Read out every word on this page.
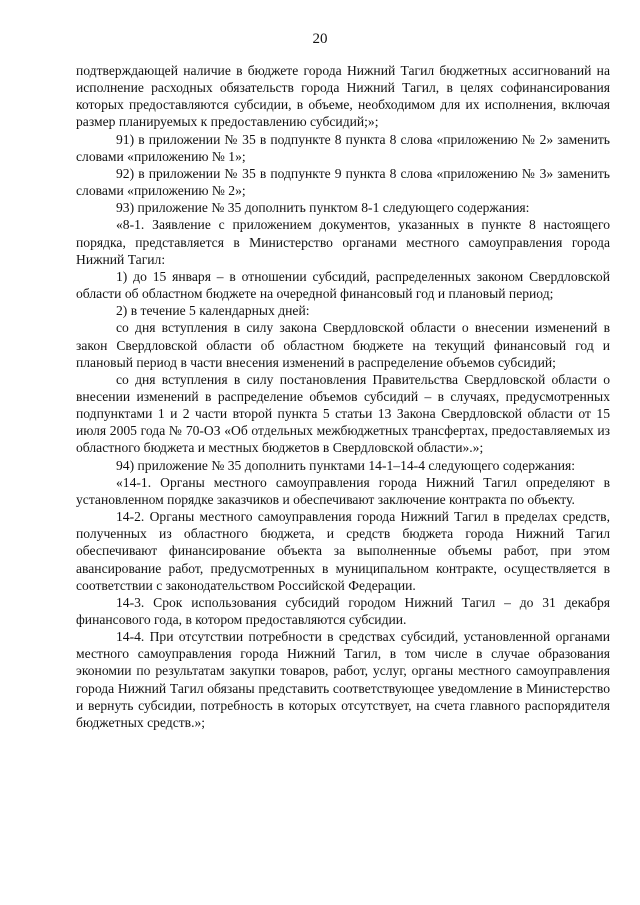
20

подтверждающей наличие в бюджете города Нижний Тагил бюджетных ассигнований на исполнение расходных обязательств города Нижний Тагил, в целях софинансирования которых предоставляются субсидии, в объеме, необходимом для их исполнения, включая размер планируемых к предоставлению субсидий;»;

91) в приложении № 35 в подпункте 8 пункта 8 слова «приложению № 2» заменить словами «приложению № 1»;

92) в приложении № 35 в подпункте 9 пункта 8 слова «приложению № 3» заменить словами «приложению № 2»;

93) приложение № 35 дополнить пунктом 8-1 следующего содержания:

«8-1. Заявление с приложением документов, указанных в пункте 8 настоящего порядка, представляется в Министерство органами местного самоуправления города Нижний Тагил:

1) до 15 января – в отношении субсидий, распределенных законом Свердловской области об областном бюджете на очередной финансовый год и плановый период;

2) в течение 5 календарных дней:

со дня вступления в силу закона Свердловской области о внесении изменений в закон Свердловской области об областном бюджете на текущий финансовый год и плановый период в части внесения изменений в распределение объемов субсидий;

со дня вступления в силу постановления Правительства Свердловской области о внесении изменений в распределение объемов субсидий – в случаях, предусмотренных подпунктами 1 и 2 части второй пункта 5 статьи 13 Закона Свердловской области от 15 июля 2005 года № 70-ОЗ «Об отдельных межбюджетных трансфертах, предоставляемых из областного бюджета и местных бюджетов в Свердловской области».»;

94) приложение № 35 дополнить пунктами 14-1–14-4 следующего содержания:

«14-1. Органы местного самоуправления города Нижний Тагил определяют в установленном порядке заказчиков и обеспечивают заключение контракта по объекту.

14-2. Органы местного самоуправления города Нижний Тагил в пределах средств, полученных из областного бюджета, и средств бюджета города Нижний Тагил обеспечивают финансирование объекта за выполненные объемы работ, при этом авансирование работ, предусмотренных в муниципальном контракте, осуществляется в соответствии с законодательством Российской Федерации.

14-3. Срок использования субсидий городом Нижний Тагил – до 31 декабря финансового года, в котором предоставляются субсидии.

14-4. При отсутствии потребности в средствах субсидий, установленной органами местного самоуправления города Нижний Тагил, в том числе в случае образования экономии по результатам закупки товаров, работ, услуг, органы местного самоуправления города Нижний Тагил обязаны представить соответствующее уведомление в Министерство и вернуть субсидии, потребность в которых отсутствует, на счета главного распорядителя бюджетных средств.»;
